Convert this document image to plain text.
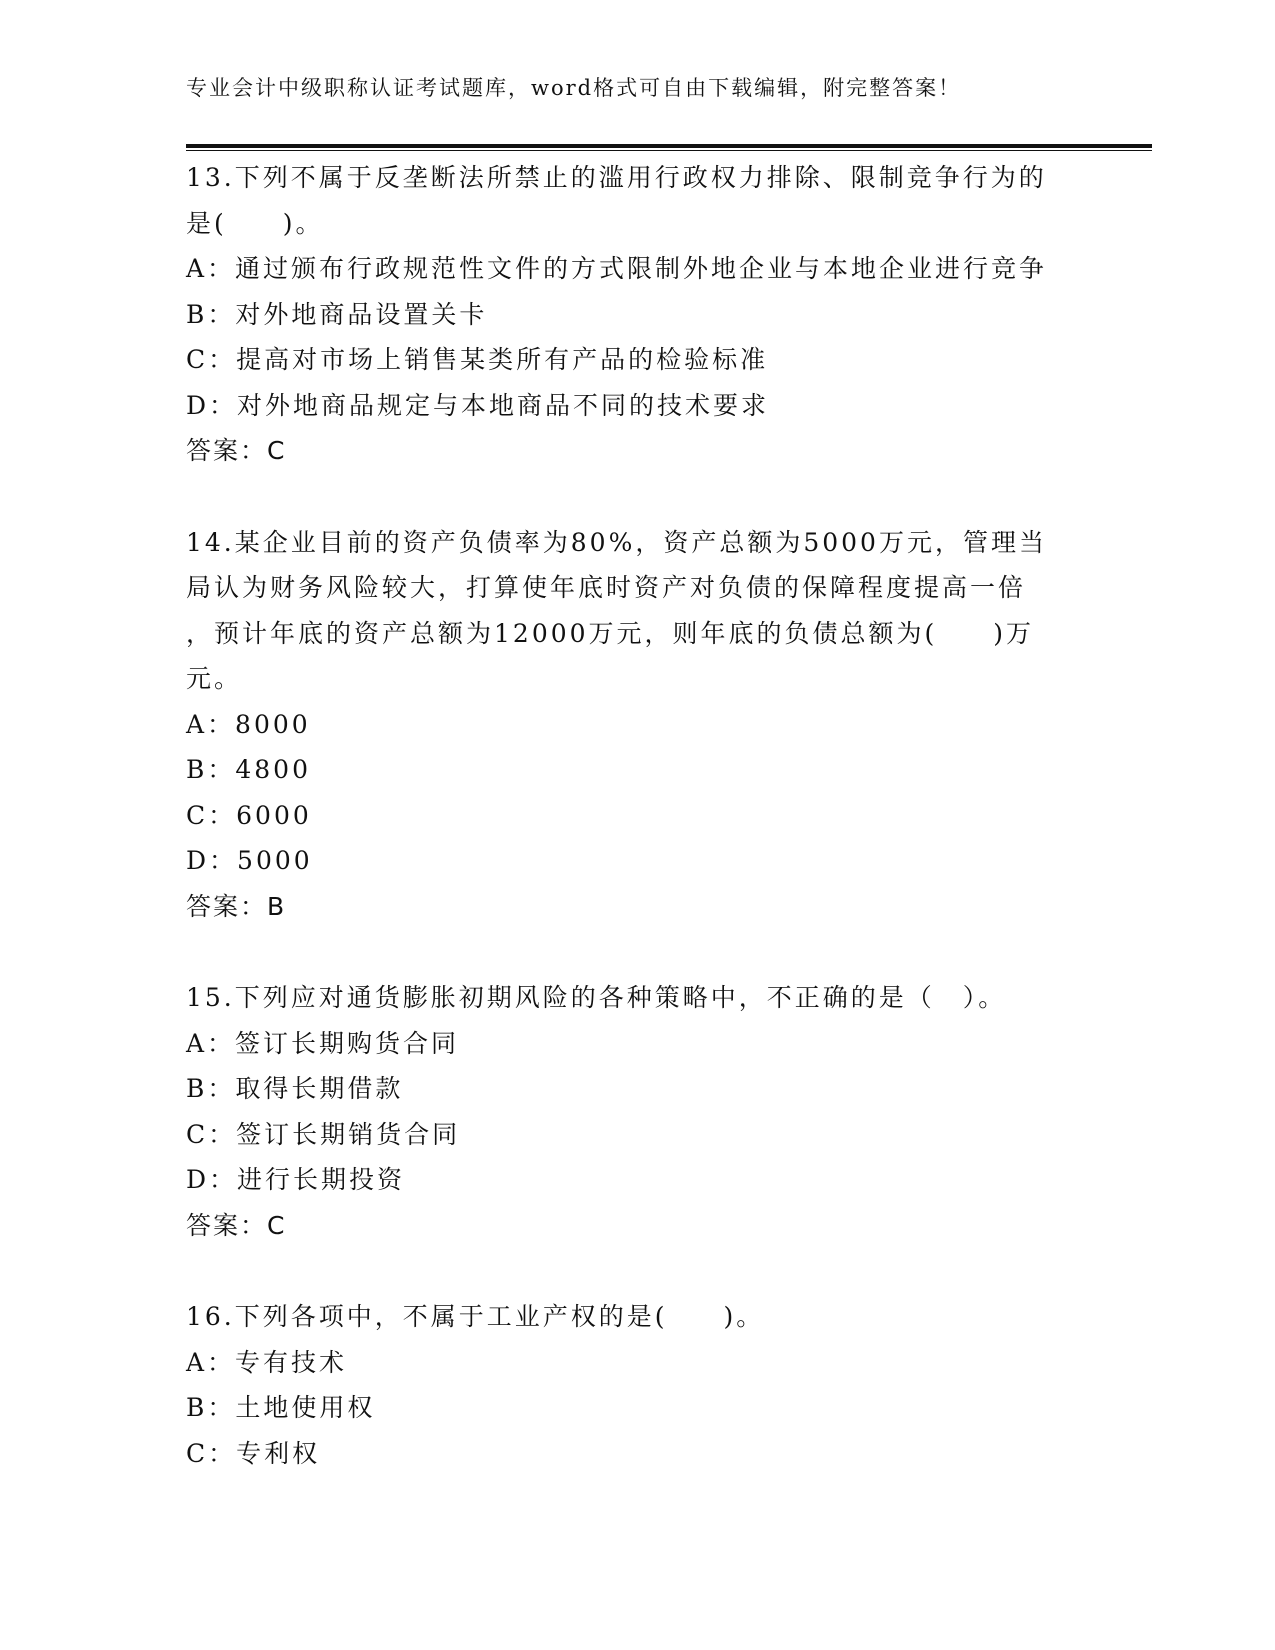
专业会计中级职称认证考试题库，word格式可自由下载编辑，附完整答案！
13.下列不属于反垄断法所禁止的滥用行政权力排除、限制竞争行为的
是(　　)。
A：通过颁布行政规范性文件的方式限制外地企业与本地企业进行竞争
B：对外地商品设置关卡
C：提高对市场上销售某类所有产品的检验标准
D：对外地商品规定与本地商品不同的技术要求
答案：C
14.某企业目前的资产负债率为80%，资产总额为5000万元，管理当
局认为财务风险较大，打算使年底时资产对负债的保障程度提高一倍
，预计年底的资产总额为12000万元，则年底的负债总额为(　　)万
元。
A：8000
B：4800
C：6000
D：5000
答案：B
15.下列应对通货膨胀初期风险的各种策略中，不正确的是（　）。
A：签订长期购货合同
B：取得长期借款
C：签订长期销货合同
D：进行长期投资
答案：C
16.下列各项中，不属于工业产权的是(　　)。
A：专有技术
B：土地使用权
C：专利权
